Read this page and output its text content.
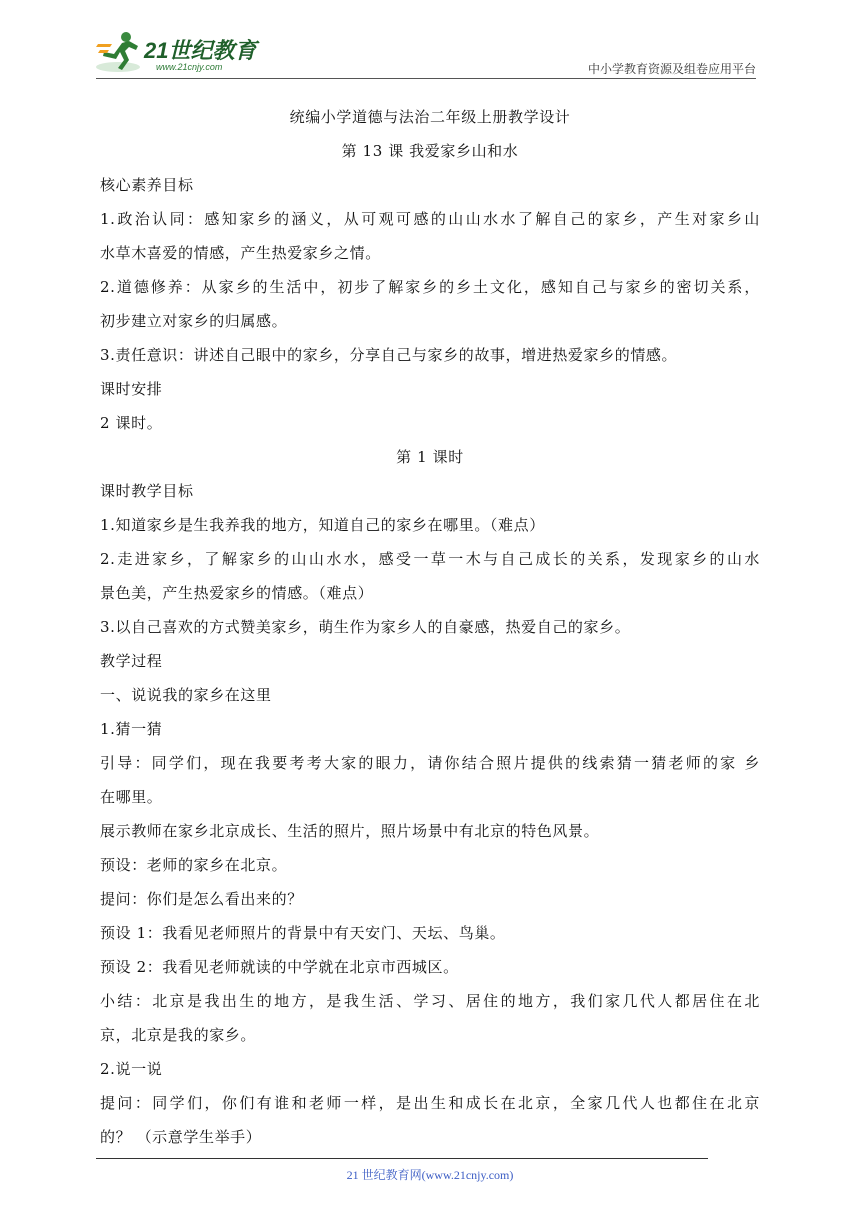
21世纪教育
www.21cnjy.com	中小学教育资源及组卷应用平台
统编小学道德与法治二年级上册教学设计
第 13 课 我爱家乡山和水
核心素养目标
1.政治认同：感知家乡的涵义，从可观可感的山山水水了解自己的家乡，产生对家乡山
水草木喜爱的情感，产生热爱家乡之情。
2.道德修养：从家乡的生活中，初步了解家乡的乡土文化，感知自己与家乡的密切关系，
初步建立对家乡的归属感。
3.责任意识：讲述自己眼中的家乡，分享自己与家乡的故事，增进热爱家乡的情感。
课时安排
2 课时。
第 1 课时
课时教学目标
1.知道家乡是生我养我的地方，知道自己的家乡在哪里。（难点）
2.走进家乡，了解家乡的山山水水，感受一草一木与自己成长的关系，发现家乡的山水
景色美，产生热爱家乡的情感。（难点）
3.以自己喜欢的方式赞美家乡，萌生作为家乡人的自豪感，热爱自己的家乡。
教学过程
一、说说我的家乡在这里
1.猜一猜
引导：同学们，现在我要考考大家的眼力，请你结合照片提供的线索猜一猜老师的家 乡
在哪里。
展示教师在家乡北京成长、生活的照片，照片场景中有北京的特色风景。
预设：老师的家乡在北京。
提问：你们是怎么看出来的？
预设 1：我看见老师照片的背景中有天安门、天坛、鸟巢。
预设 2：我看见老师就读的中学就在北京市西城区。
小结：北京是我出生的地方，是我生活、学习、居住的地方，我们家几代人都居住在北
京，北京是我的家乡。
2.说一说
提问：同学们，你们有谁和老师一样，是出生和成长在北京，全家几代人也都住在北京
的？ （示意学生举手）
21 世纪教育网(www.21cnjy.com)
